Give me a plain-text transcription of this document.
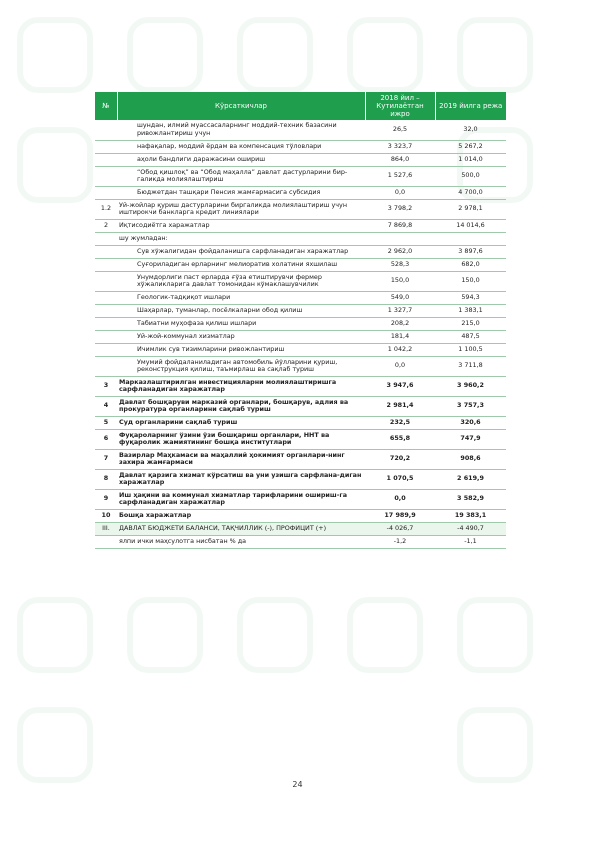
№	Кўрсаткичлар	2018 йил – Кутилаётган ижро	2019 йилга режа
	шундан, илмий муассасаларнинг моддий-техник базасини ривожлантириш учун	26,5	32,0
	нафақалар, моддий ёрдам ва компенсация тўловлари	3 323,7	5 267,2
	аҳоли бандлиги даражасини ошириш	864,0	1 014,0
	“Обод қишлоқ” ва “Обод маҳалла” давлат дастурларини бир-галикда молиялаштириш	1 527,6	500,0
	Бюджетдан ташқари Пенсия жамғармасига субсидия	0,0	4 700,0
1.2	Уй-жойлар қуриш дастурларини биргаликда молиялаштириш учун иштирокчи банкларга кредит линиялари	3 798,2	2 978,1
2	Иқтисодиётга харажатлар	7 869,8	14 014,6
	шу жумладан:		
	Сув хўжалигидан фойдаланишга сарфланадиган харажатлар	2 962,0	3 897,6
	Суғориладиган ерларнинг мелиоратив холатини яхшилаш	528,3	682,0
	Унумдорлиги паст ерларда ғўза етиштирувчи фермер хўжаликларига давлат томонидан кўмаклашувчилик	150,0	150,0
	Геологик-тадқиқот ишлари	549,0	594,3
	Шаҳарлар, туманлар, посёлкаларни обод қилиш	1 327,7	1 383,1
	Табиатни муҳофаза қилиш ишлари	208,2	215,0
	Уй-жой-коммунал хизматлар	181,4	487,5
	Ичимлик сув тизимларини ривожлантириш	1 042,2	1 100,5
	Умумий фойдаланиладиган автомобиль йўлларини қуриш, реконструкция қилиш, таъмирлаш ва сақлаб туриш	0,0	3 711,8
3	Марказлаштирилган инвестицияларни молиялаштиришга сарфланадиган харажатлар	3 947,6	3 960,2
4	Давлат бошқаруви марказий органлари, бошқарув, адлия ва прокуратура органларини сақлаб туриш	2 981,4	3 757,3
5	Суд органларини сақлаб туриш	232,5	320,6
6	Фуқароларнинг ўзини ўзи бошқариш органлари, ННТ ва фуқаролик жамиятининг бошқа институтлари	655,8	747,9
7	Вазирлар Маҳкамаси ва маҳаллий ҳокимият органлари-нинг захира жамғармаси	720,2	908,6
8	Давлат қарзига хизмат кўрсатиш ва уни узишга сарфлана-диган харажатлар	1 070,5	2 619,9
9	Иш ҳақини ва коммунал хизматлар тарифларини ошириш-га сарфланадиган харажатлар	0,0	3 582,9
10	Бошқа харажатлар	17 989,9	19 383,1
III.	ДАВЛАТ БЮДЖЕТИ БАЛАНСИ, ТАҚЧИЛЛИК (-), ПРОФИЦИТ (+)	-4 026,7	-4 490,7
	ялпи ички маҳсулотга нисбатан % да	-1,2	-1,1
24
